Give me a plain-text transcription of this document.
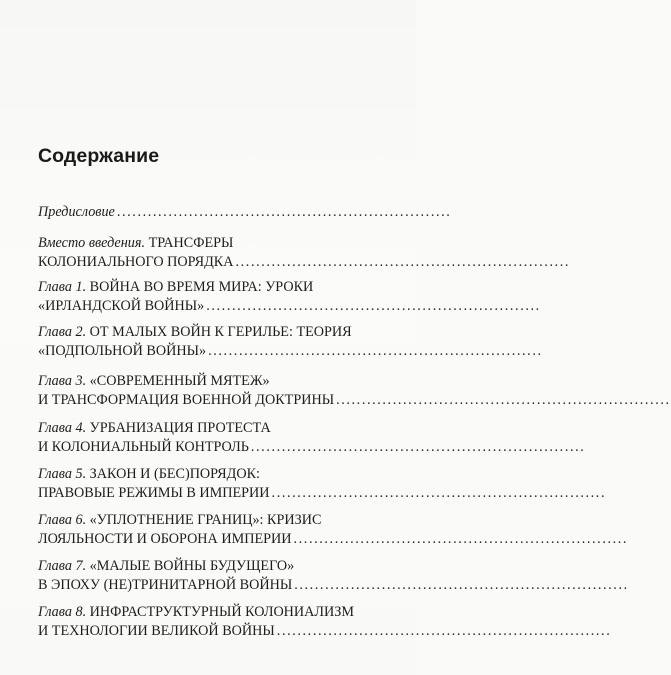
Содержание
Предисловие .................................................................
Вместо введения. ТРАНСФЕРЫ
КОЛОНИАЛЬНОГО ПОРЯДКА .................................................................
Глава 1. ВОЙНА ВО ВРЕМЯ МИРА: УРОКИ
«ИРЛАНДСКОЙ ВОЙНЫ» .................................................................
Глава 2. ОТ МАЛЫХ ВОЙН К ГЕРИЛЬЕ: ТЕОРИЯ
«ПОДПОЛЬНОЙ ВОЙНЫ» .................................................................
Глава 3. «СОВРЕМЕННЫЙ МЯТЕЖ»
И ТРАНСФОРМАЦИЯ ВОЕННОЙ ДОКТРИНЫ .................................................................
Глава 4. УРБАНИЗАЦИЯ ПРОТЕСТА
И КОЛОНИАЛЬНЫЙ КОНТРОЛЬ .................................................................
Глава 5. ЗАКОН И (БЕС)ПОРЯДОК:
ПРАВОВЫЕ РЕЖИМЫ В ИМПЕРИИ .................................................................
Глава 6. «УПЛОТНЕНИЕ ГРАНИЦ»: КРИЗИС
ЛОЯЛЬНОСТИ И ОБОРОНА ИМПЕРИИ .................................................................
Глава 7. «МАЛЫЕ ВОЙНЫ БУДУЩЕГО»
В ЭПОХУ (НЕ)ТРИНИТАРНОЙ ВОЙНЫ .................................................................
Глава 8. ИНФРАСТРУКТУРНЫЙ КОЛОНИАЛИЗМ
И ТЕХНОЛОГИИ ВЕЛИКОЙ ВОЙНЫ .................................................................
